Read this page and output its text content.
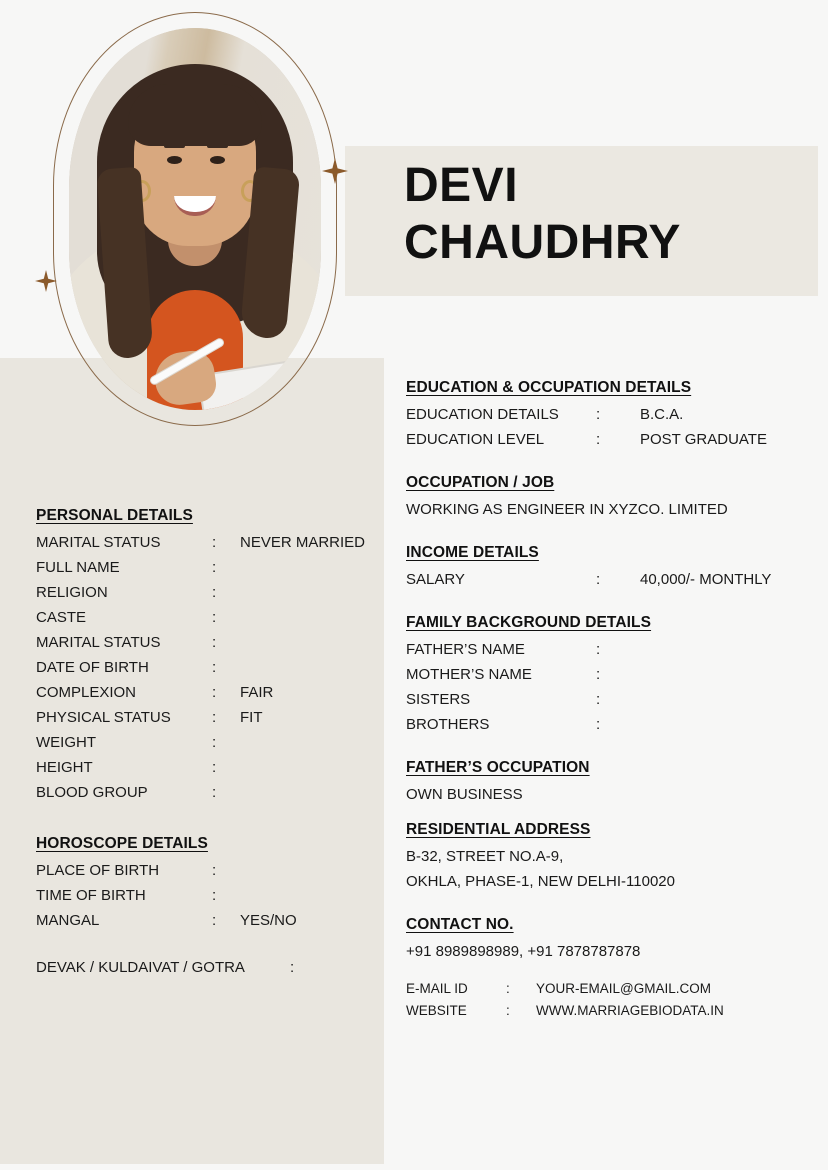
DEVI
CHAUDHRY
PERSONAL DETAILS
MARITAL STATUS	:	NEVER MARRIED
FULL NAME	:
RELIGION	:
CASTE	:
MARITAL STATUS	:
DATE OF BIRTH	:
COMPLEXION	:	FAIR
PHYSICAL STATUS	:	FIT
WEIGHT	:
HEIGHT	:
BLOOD GROUP	:
HOROSCOPE DETAILS
PLACE OF BIRTH	:
TIME OF BIRTH	:
MANGAL	:	YES/NO
DEVAK / KULDAIVAT / GOTRA	:
EDUCATION & OCCUPATION DETAILS
EDUCATION DETAILS	:	B.C.A.
EDUCATION LEVEL	:	POST GRADUATE
OCCUPATION / JOB
WORKING AS ENGINEER IN XYZCO. LIMITED
INCOME DETAILS
SALARY	:	40,000/- MONTHLY
FAMILY BACKGROUND DETAILS
FATHER’S NAME	:
MOTHER’S NAME	:
SISTERS	:
BROTHERS	:
FATHER’S OCCUPATION
OWN BUSINESS
RESIDENTIAL ADDRESS
B-32, STREET NO.A-9,
OKHLA, PHASE-1, NEW DELHI-110020
CONTACT NO.
+91 8989898989, +91 7878787878
E-MAIL ID	:	YOUR-EMAIL@GMAIL.COM
WEBSITE	:	WWW.MARRIAGEBIODATA.IN
